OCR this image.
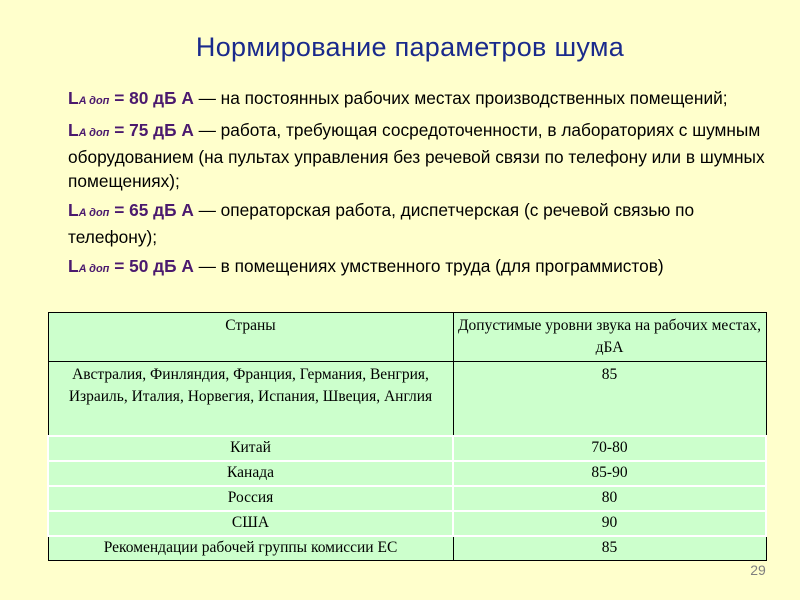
Нормирование параметров шума

LA доп = 80 дБ А — на постоянных рабочих местах производственных помещений;

LA доп = 75 дБ А — работа, требующая сосредоточенности, в лабораториях с шумным оборудованием (на пультах управления без речевой связи по телефону или в шумных помещениях);

LA доп = 65 дБ А — операторская работа, диспетчерская (с речевой связью по телефону);

LA доп = 50 дБ А — в помещениях умственного труда (для программистов)

Страны	Допустимые уровни звука на рабочих местах, дБА
Австралия, Финляндия, Франция, Германия, Венгрия, Израиль, Италия, Норвегия, Испания, Швеция, Англия	85
Китай	70-80
Канада	85-90
Россия	80
США	90
Рекомендации рабочей группы комиссии ЕС	85
29
